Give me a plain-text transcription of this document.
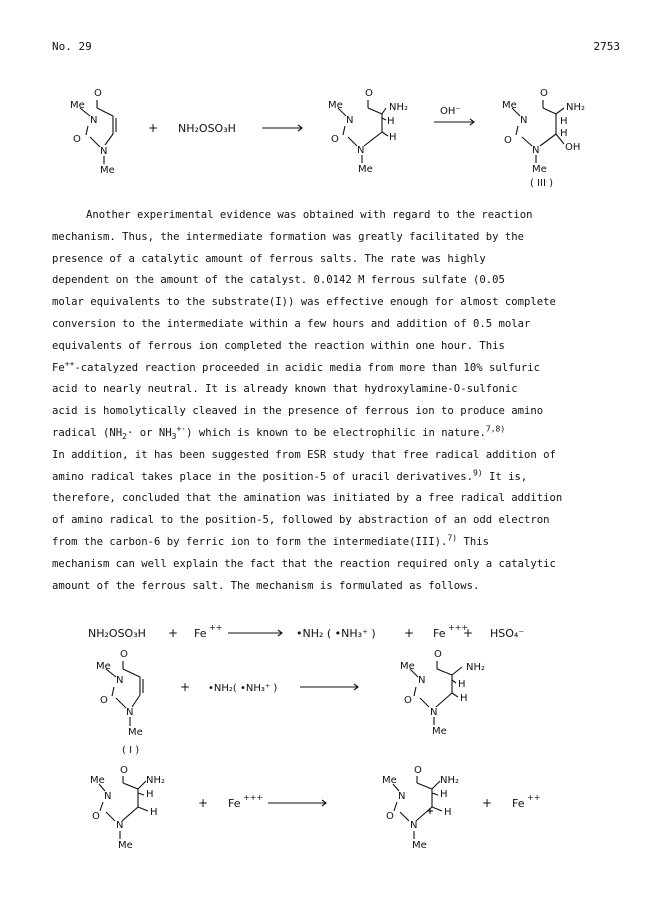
No. 29	2753
O
Me
N
O
N
Me
+ NH₂OSO₃H
O
Me
N
O
N
Me
NH₂
H
H
OH⁻
O
Me
N
O
N
Me
NH₂
H
H
OH
( III )

Another experimental evidence was obtained with regard to the reaction

mechanism. Thus, the intermediate formation was greatly facilitated by the

presence of a catalytic amount of ferrous salts. The rate was highly

dependent on the amount of the catalyst. 0.0142 M ferrous sulfate (0.05

molar equivalents to the substrate(I)) was effective enough for almost complete

conversion to the intermediate within a few hours and addition of 0.5 molar

equivalents of ferrous ion completed the reaction within one hour. This

Fe++-catalyzed reaction proceeded in acidic media from more than 10% sulfuric

acid to nearly neutral. It is already known that hydroxylamine-O-sulfonic

acid is homolytically cleaved in the presence of ferrous ion to produce amino

radical ($NH_2\cdot$ or $NH_3^{+\cdot}$) which is known to be electrophilic in nature.$^{7,8)}$

In addition, it has been suggested from ESR study that free radical addition of

amino radical takes place in the position-5 of uracil derivatives.$^{9)}$ It is,

therefore, concluded that the amination was initiated by a free radical addition

of amino radical to the position-5, followed by abstraction of an odd electron

from the carbon-6 by ferric ion to form the intermediate(III).$^{7)}$ This

mechanism can well explain the fact that the reaction required only a catalytic

amount of the ferrous salt. The mechanism is formulated as follows.

NH₂OSO₃H + Fe ++	•NH₂ ( •NH₃⁺ ) + Fe +++
+ HSO₄⁻
O
Me
N
O
N
Me
( I )
+ •NH₂( •NH₃⁺ )
O
Me
N
O
N
Me
NH₂
H
H
O
Me
N
O
N
Me
NH₂
H
H
+ Fe +++
O
Me
N
O
N
Me
NH₂
H
H
+ Fe ++
